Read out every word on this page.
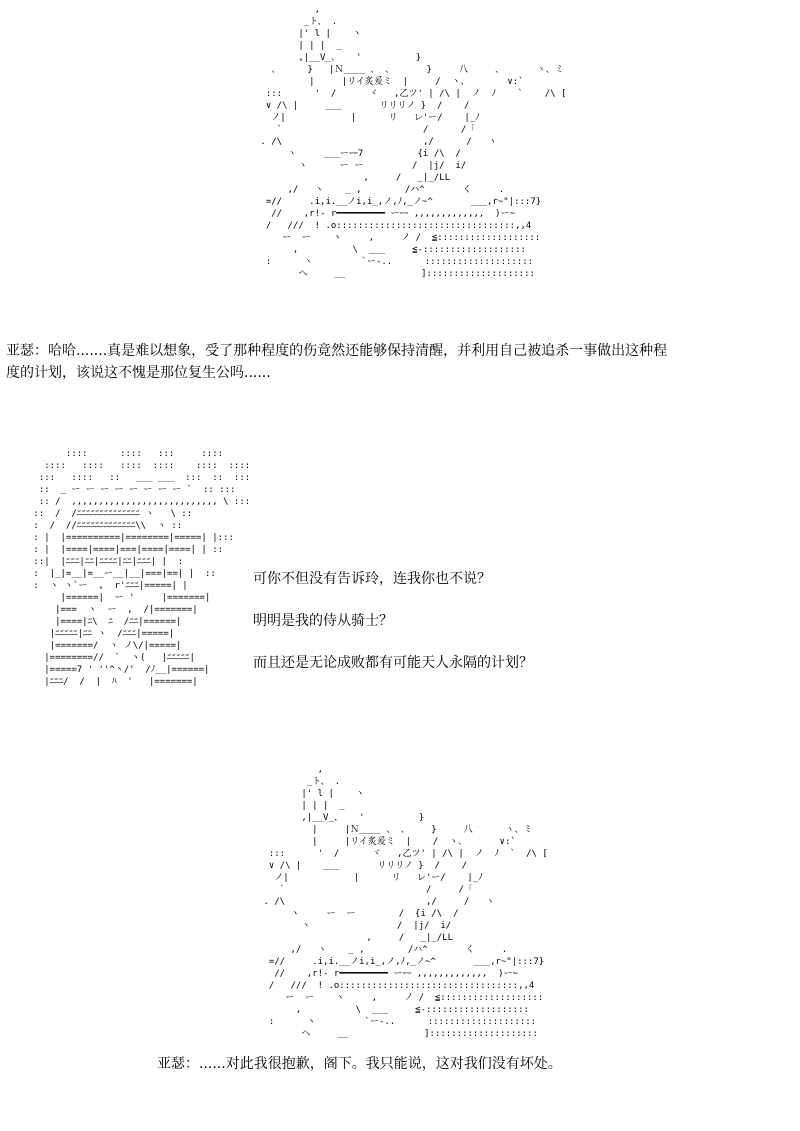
,
_ト、 .
|' l |    ヽ
| | |  _
,|__V_、   '          }
、     }   |Ｎ____ 、 、      }     八     、      ヽ、ミ
|     |リイ炙爰ミ  |     /  ヽ、       ∨:`
:::      '  /      ヾ   ,乙ツ' | /\ |  ノ  ﾉ    `    /\ [
∨ /\ |     ___       リリリノ }  /    /
ノ|            |      リ   レ'ー/    |_ﾉ
`                          /      /「
. /\                          ,/      /   ヽ
ヽ     ___ーｰｰ7          {i /\  /
ヽ      ー ー         /  |j/  i/
,     /   _|_/LL
,/   ヽ    _ ,        /ハ^       く     .
=//     .i,i.__ノi,i_,ノ,ﾉ,_ノ~^       ___,r~"|:::7}
//    ,r!- r━━━━━━━━━ ーｰｰ ,,,,,,,,,,,,,  )ー~
/   ///  ! .o:::::::::::::::::::::::::::::::::,,4
ー  ー    ヽ     ,     ノ /  ≦:::::::::::::::::::
,          \  ___     ≦-:::::::::::::::::::
:      ヽ         `ー-..      ::::::::::::::::::::
ヘ     __              ]::::::::::::::::::::
亚瑟：哈哈.......真是难以想象，受了那种程度的伤竟然还能够保持清醒，并利用自己被追杀一事做出这种程
度的计划，该说这不愧是那位复生公吗......
::::      ::::   :::     ::::
::::   ::::   ::::  ::::    ::::  ::::
:::   ::::   ::   ___ ___  :::  ::  :::
::  _ ー ー ー ー ー ー ー ー `  :: :::
:: /  ,,,,,,,,,,,,,,,,,,,,,,,,,,, \ :::
::  /  /ﾆﾆﾆﾆﾆﾆﾆﾆﾆﾆﾆﾆﾆﾆ ヽ   \ ::
:  /  //ﾆﾆﾆﾆﾆﾆﾆﾆﾆﾆﾆﾆﾆ\\  ヽ ::
: |  |==========|========|=====| |:::
: |  |====|====|===|====|====| | ::
::|  |ﾆﾆﾆ|ﾆﾆ|ﾆﾆﾆﾆ|ﾆﾆ|ﾆﾆﾆ| |  :
:  |_|=__|=__ー__|__|===|==| |  ::
:  ヽ ヽ`ー  ,  r'ﾆﾆﾆ|=====| |
|======|  ー '     |=======|
|===  ヽ  ー  ,  /|=======|
|====|ﾆ\  ﾆ  /ﾆﾆ|======|
|ﾆﾆﾆﾆﾆ|ﾆﾆ ヽ  /ﾆﾆﾆ|=====|
|=======/  ヽ ノ\/|=====|
|========//  `  ヽ(   |ﾆﾆﾆﾆﾆ|
|=====7 ' ''^ヽ/'  /ﾉ__|======|
|ﾆﾆﾆ/  /  |  ﾊ  '   |=======|
可你不但没有告诉玲，连我你也不说？
明明是我的侍从骑士？
而且还是无论成败都有可能天人永隔的计划？
,
_ト、 .
|' l |    ヽ
| | |  _
,|__V_、   '          }
|     |Ｎ____ 、 、    }     八      ヽ、ミ
|     |リイ炙爰ミ  |    /  ヽ、      ∨:`
:::      '  /      ヾ   ,乙ツ' | /\ |  ノ  ﾉ  `  /\ [
∨ /\ |    ___       リリリノ }  /    /
ノ|            |      リ   レ'ー/    |_ﾉ
`                          /     /「
. /\                          ,/     /   ヽ
ヽ     ー  ー        /  {i /\  /
ヽ                /  |j/  i/
,     /   _|_/LL
,/   ヽ    _ ,        /ハ^       く     .
=//     .i,i.__ノi,i_,ノ,ﾉ,_ノ~^       ___,r~"|:::7}
//    ,r!- r━━━━━━━━━ ーｰｰ ,,,,,,,,,,,,,  )ー~
/   ///  ! .o:::::::::::::::::::::::::::::::::,,4
ー  ー    ヽ     ,     ノ /  ≦:::::::::::::::::::
,          \  ___     ≦-:::::::::::::::::::
:      ヽ         `ー-..      ::::::::::::::::::::
ヘ     __              ]::::::::::::::::::::
亚瑟：......对此我很抱歉，阁下。我只能说，这对我们没有坏处。
